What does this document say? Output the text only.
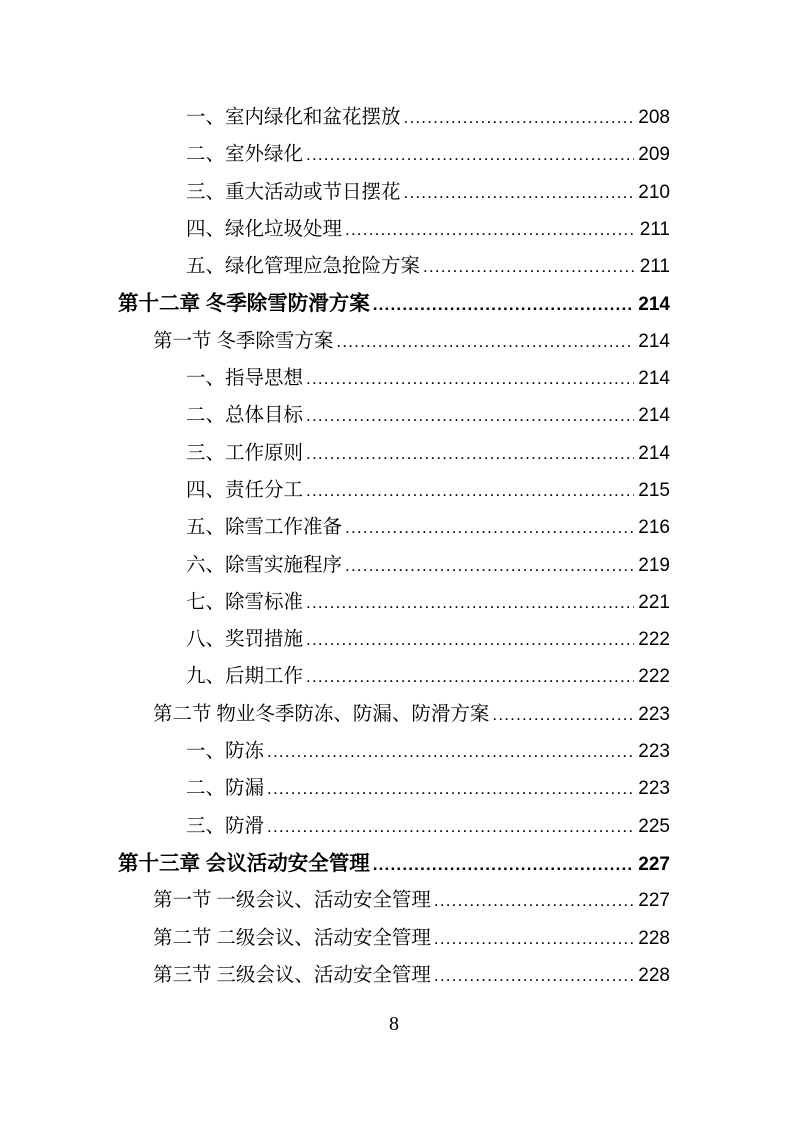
一、室内绿化和盆花摆放 .....	208
二、室外绿化 .....	209
三、重大活动或节日摆花 .....	210
四、绿化垃圾处理 .....	211
五、绿化管理应急抢险方案 .....	211
第十二章 冬季除雪防滑方案 .....	214
第一节 冬季除雪方案 .....	214
一、指导思想 .....	214
二、总体目标 .....	214
三、工作原则 .....	214
四、责任分工 .....	215
五、除雪工作准备 .....	216
六、除雪实施程序 .....	219
七、除雪标准 .....	221
八、奖罚措施 .....	222
九、后期工作 .....	222
第二节 物业冬季防冻、防漏、防滑方案 .....	223
一、防冻 .....	223
二、防漏 .....	223
三、防滑 .....	225
第十三章 会议活动安全管理 .....	227
第一节 一级会议、活动安全管理 .....	227
第二节 二级会议、活动安全管理 .....	228
第三节 三级会议、活动安全管理 .....	228
8
